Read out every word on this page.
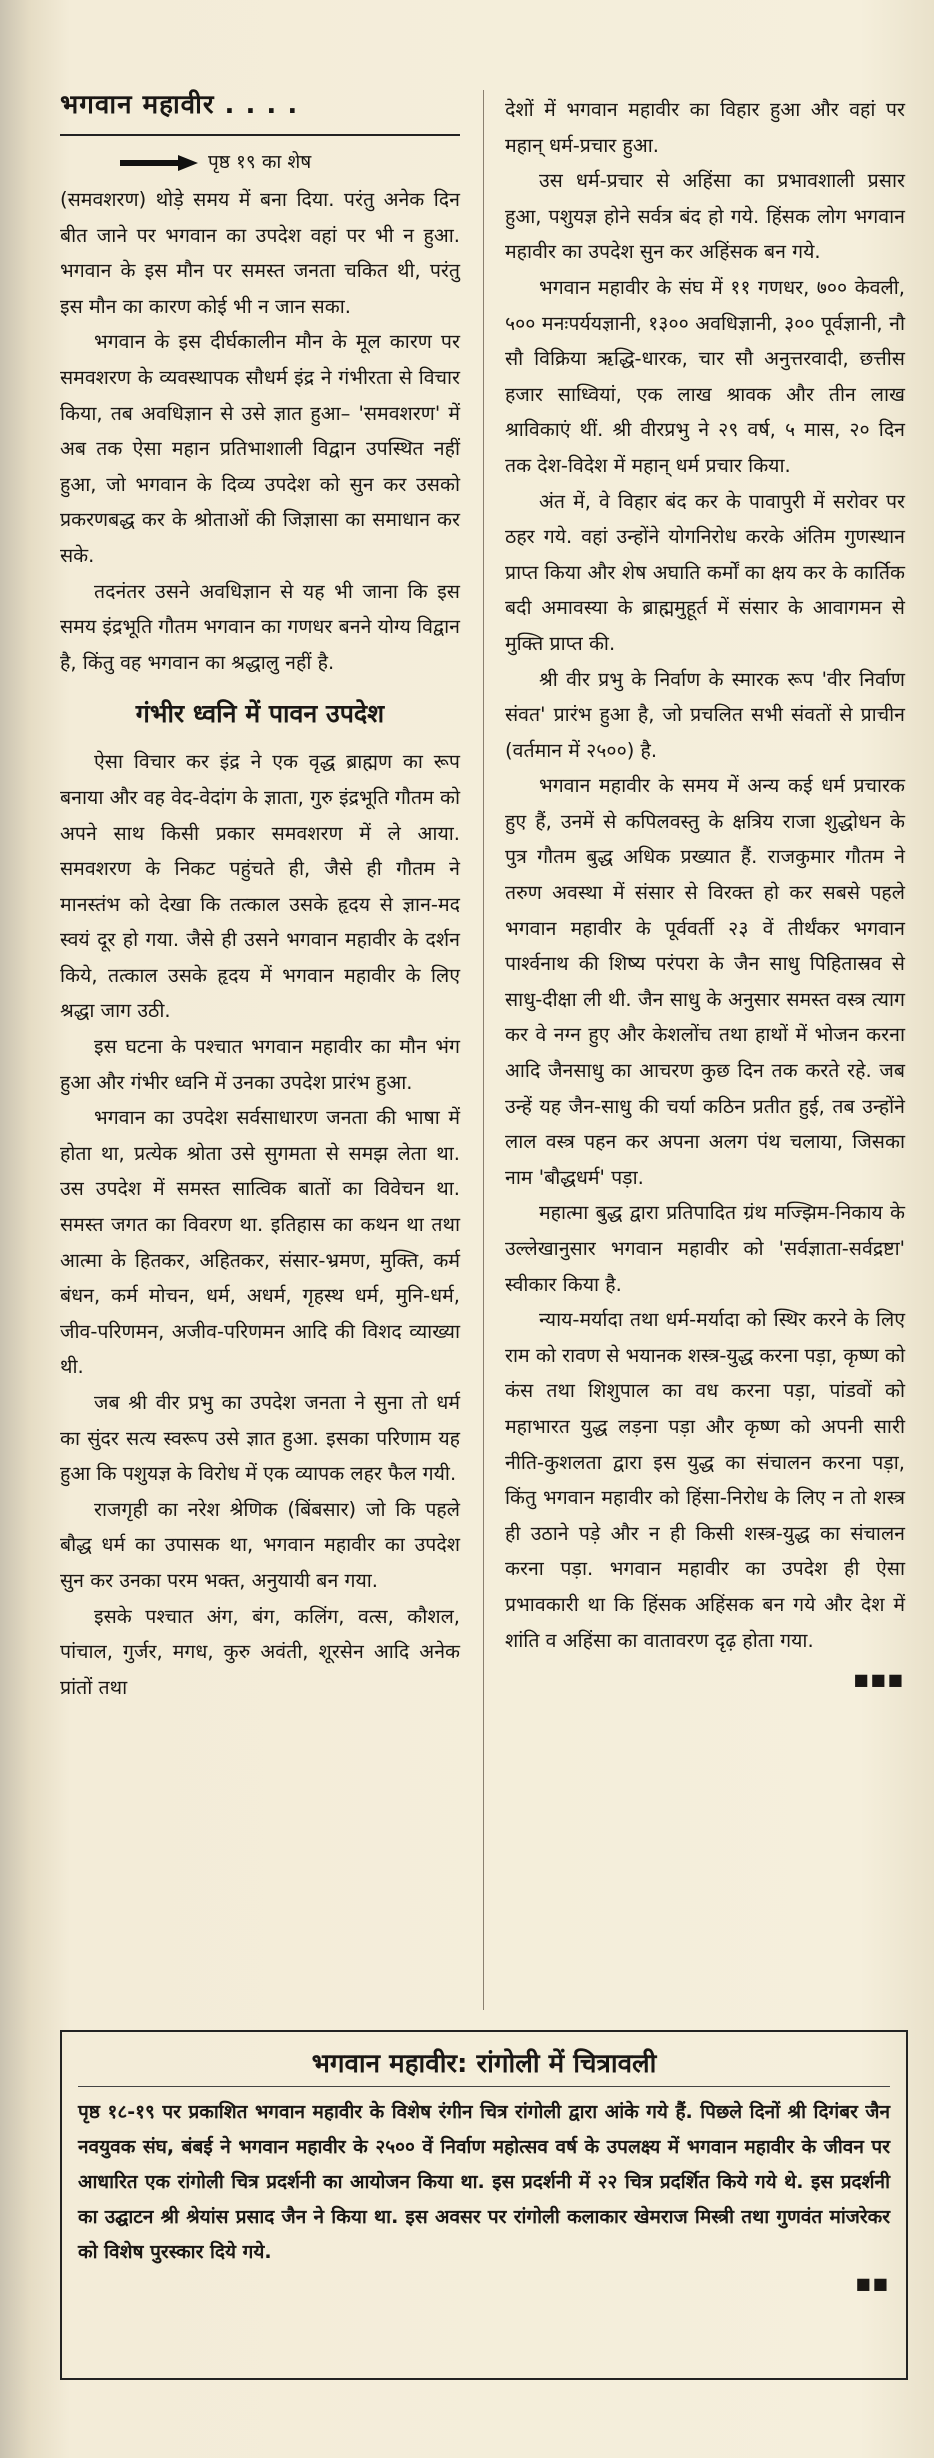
भगवान महावीर . . . .
पृष्ठ १९ का शेष

(समवशरण) थोड़े समय में बना दिया. परंतु अनेक दिन बीत जाने पर भगवान का उपदेश वहां पर भी न हुआ. भगवान के इस मौन पर समस्त जनता चकित थी, परंतु इस मौन का कारण कोई भी न जान सका.

भगवान के इस दीर्घकालीन मौन के मूल कारण पर समवशरण के व्यवस्थापक सौधर्म इंद्र ने गंभीरता से विचार किया, तब अवधिज्ञान से उसे ज्ञात हुआ– 'समवशरण' में अब तक ऐसा महान प्रतिभाशाली विद्वान उपस्थित नहीं हुआ, जो भगवान के दिव्य उपदेश को सुन कर उसको प्रकरणबद्ध कर के श्रोताओं की जिज्ञासा का समाधान कर सके.

तदनंतर उसने अवधिज्ञान से यह भी जाना कि इस समय इंद्रभूति गौतम भगवान का गणधर बनने योग्य विद्वान है, किंतु वह भगवान का श्रद्धालु नहीं है.

गंभीर ध्वनि में पावन उपदेश

ऐसा विचार कर इंद्र ने एक वृद्ध ब्राह्मण का रूप बनाया और वह वेद-वेदांग के ज्ञाता, गुरु इंद्रभूति गौतम को अपने साथ किसी प्रकार समवशरण में ले आया. समवशरण के निकट पहुंचते ही, जैसे ही गौतम ने मानस्तंभ को देखा कि तत्काल उसके हृदय से ज्ञान-मद स्वयं दूर हो गया. जैसे ही उसने भगवान महावीर के दर्शन किये, तत्काल उसके हृदय में भगवान महावीर के लिए श्रद्धा जाग उठी.

इस घटना के पश्चात भगवान महावीर का मौन भंग हुआ और गंभीर ध्वनि में उनका उपदेश प्रारंभ हुआ.

भगवान का उपदेश सर्वसाधारण जनता की भाषा में होता था, प्रत्येक श्रोता उसे सुगमता से समझ लेता था. उस उपदेश में समस्त सात्विक बातों का विवेचन था. समस्त जगत का विवरण था. इतिहास का कथन था तथा आत्मा के हितकर, अहितकर, संसार-भ्रमण, मुक्ति, कर्म बंधन, कर्म मोचन, धर्म, अधर्म, गृहस्थ धर्म, मुनि-धर्म, जीव-परिणमन, अजीव-परिणमन आदि की विशद व्याख्या थी.

जब श्री वीर प्रभु का उपदेश जनता ने सुना तो धर्म का सुंदर सत्य स्वरूप उसे ज्ञात हुआ. इसका परिणाम यह हुआ कि पशुयज्ञ के विरोध में एक व्यापक लहर फैल गयी.

राजगृही का नरेश श्रेणिक (बिंबसार) जो कि पहले बौद्ध धर्म का उपासक था, भगवान महावीर का उपदेश सुन कर उनका परम भक्त, अनुयायी बन गया.

इसके पश्चात अंग, बंग, कलिंग, वत्स, कौशल, पांचाल, गुर्जर, मगध, कुरु अवंती, शूरसेन आदि अनेक प्रांतों तथा

देशों में भगवान महावीर का विहार हुआ और वहां पर महान् धर्म-प्रचार हुआ.

उस धर्म-प्रचार से अहिंसा का प्रभावशाली प्रसार हुआ, पशुयज्ञ होने सर्वत्र बंद हो गये. हिंसक लोग भगवान महावीर का उपदेश सुन कर अहिंसक बन गये.

भगवान महावीर के संघ में ११ गणधर, ७०० केवली, ५०० मनःपर्ययज्ञानी, १३०० अवधिज्ञानी, ३०० पूर्वज्ञानी, नौ सौ विक्रिया ऋद्धि-धारक, चार सौ अनुत्तरवादी, छत्तीस हजार साध्वियां, एक लाख श्रावक और तीन लाख श्राविकाएं थीं. श्री वीरप्रभु ने २९ वर्ष, ५ मास, २० दिन तक देश-विदेश में महान् धर्म प्रचार किया.

अंत में, वे विहार बंद कर के पावापुरी में सरोवर पर ठहर गये. वहां उन्होंने योगनिरोध करके अंतिम गुणस्थान प्राप्त किया और शेष अघाति कर्मों का क्षय कर के कार्तिक बदी अमावस्या के ब्राह्ममुहूर्त में संसार के आवागमन से मुक्ति प्राप्त की.

श्री वीर प्रभु के निर्वाण के स्मारक रूप 'वीर निर्वाण संवत' प्रारंभ हुआ है, जो प्रचलित सभी संवतों से प्राचीन (वर्तमान में २५००) है.

भगवान महावीर के समय में अन्य कई धर्म प्रचारक हुए हैं, उनमें से कपिलवस्तु के क्षत्रिय राजा शुद्धोधन के पुत्र गौतम बुद्ध अधिक प्रख्यात हैं. राजकुमार गौतम ने तरुण अवस्था में संसार से विरक्त हो कर सबसे पहले भगवान महावीर के पूर्ववर्ती २३ वें तीर्थंकर भगवान पार्श्वनाथ की शिष्य परंपरा के जैन साधु पिहितास्रव से साधु-दीक्षा ली थी. जैन साधु के अनुसार समस्त वस्त्र त्याग कर वे नग्न हुए और केशलोंच तथा हाथों में भोजन करना आदि जैनसाधु का आचरण कुछ दिन तक करते रहे. जब उन्हें यह जैन-साधु की चर्या कठिन प्रतीत हुई, तब उन्होंने लाल वस्त्र पहन कर अपना अलग पंथ चलाया, जिसका नाम 'बौद्धधर्म' पड़ा.

महात्मा बुद्ध द्वारा प्रतिपादित ग्रंथ मज्झिम-निकाय के उल्लेखानुसार भगवान महावीर को 'सर्वज्ञाता-सर्वद्रष्टा' स्वीकार किया है.

न्याय-मर्यादा तथा धर्म-मर्यादा को स्थिर करने के लिए राम को रावण से भयानक शस्त्र-युद्ध करना पड़ा, कृष्ण को कंस तथा शिशुपाल का वध करना पड़ा, पांडवों को महाभारत युद्ध लड़ना पड़ा और कृष्ण को अपनी सारी नीति-कुशलता द्वारा इस युद्ध का संचालन करना पड़ा, किंतु भगवान महावीर को हिंसा-निरोध के लिए न तो शस्त्र ही उठाने पड़े और न ही किसी शस्त्र-युद्ध का संचालन करना पड़ा. भगवान महावीर का उपदेश ही ऐसा प्रभावकारी था कि हिंसक अहिंसक बन गये और देश में शांति व अहिंसा का वातावरण दृढ़ होता गया.

■■■
भगवान महावीर: रांगोली में चित्रावली

पृष्ठ १८-१९ पर प्रकाशित भगवान महावीर के विशेष रंगीन चित्र रांगोली द्वारा आंके गये हैं. पिछले दिनों श्री दिगंबर जैन नवयुवक संघ, बंबई ने भगवान महावीर के २५०० वें निर्वाण महोत्सव वर्ष के उपलक्ष्य में भगवान महावीर के जीवन पर आधारित एक रांगोली चित्र प्रदर्शनी का आयोजन किया था. इस प्रदर्शनी में २२ चित्र प्रदर्शित किये गये थे. इस प्रदर्शनी का उद्घाटन श्री श्रेयांस प्रसाद जैन ने किया था. इस अवसर पर रांगोली कलाकार खेमराज मिस्त्री तथा गुणवंत मांजरेकर को विशेष पुरस्कार दिये गये.

■■
